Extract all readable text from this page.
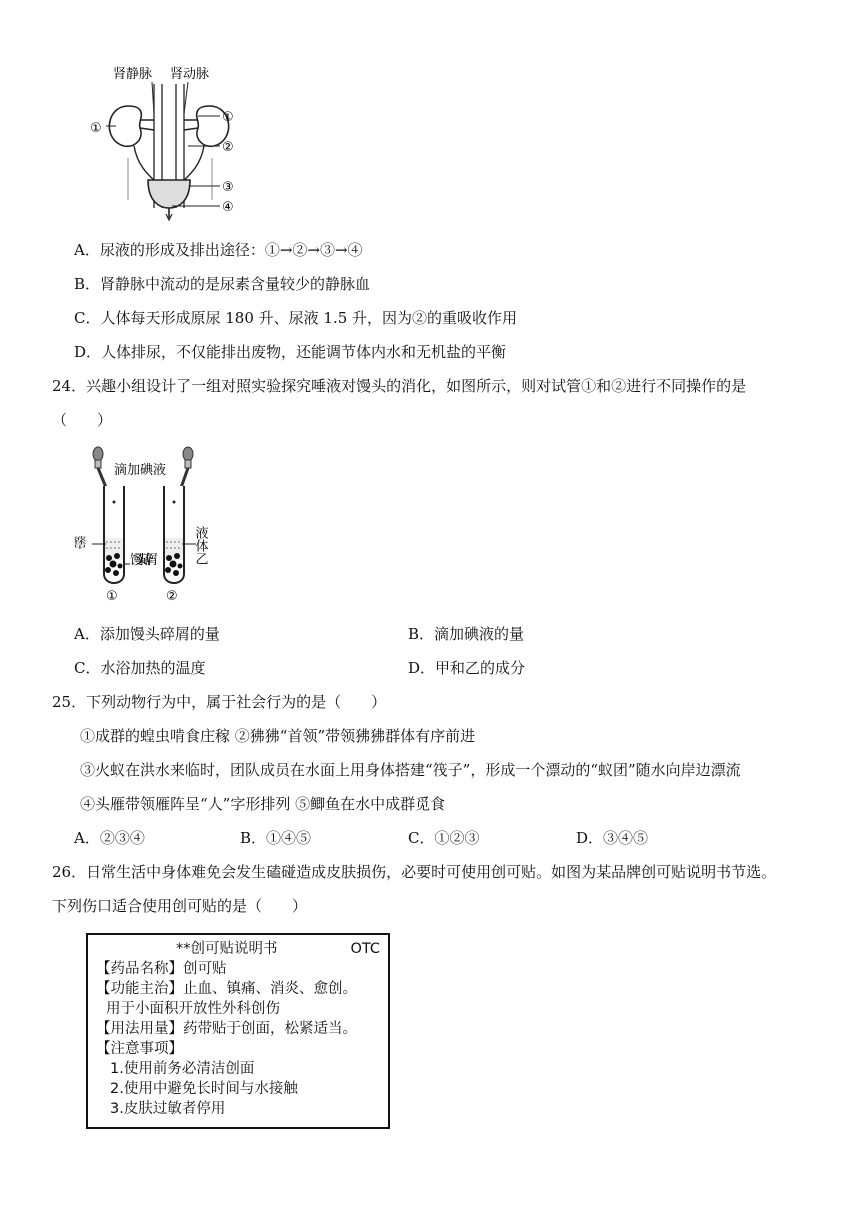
肾静脉 肾动脉
①
①
②
③
④
A．尿液的形成及排出途径：①→②→③→④
B．肾静脉中流动的是尿素含量较少的静脉血
C．人体每天形成原尿 180 升、尿液 1.5 升，因为②的重吸收作用
D．人体排尿，不仅能排出废物，还能调节体内水和无机盐的平衡
24．兴趣小组设计了一组对照实验探究唾液对馒头的消化，如图所示，则对试管①和②进行不同操作的是
（　　）
滴加碘液
液体甲	液体乙
馒头碎屑
①	②
A．添加馒头碎屑的量	B．滴加碘液的量
C．水浴加热的温度	D．甲和乙的成分
25．下列动物行为中，属于社会行为的是（　　）
①成群的蝗虫啃食庄稼 ②狒狒“首领”带领狒狒群体有序前进
③火蚁在洪水来临时，团队成员在水面上用身体搭建“筏子”，形成一个漂动的“蚁团”随水向岸边漂流
④头雁带领雁阵呈“人”字形排列 ⑤鲫鱼在水中成群觅食
A．②③④	B．①④⑤	C．①②③	D．③④⑤
26．日常生活中身体难免会发生磕碰造成皮肤损伤，必要时可使用创可贴。如图为某品牌创可贴说明书节选。
下列伤口适合使用创可贴的是（　　）
**创可贴说明书	OTC
【药品名称】创可贴
【功能主治】止血、镇痛、消炎、愈创。
用于小面积开放性外科创伤
【用法用量】药带贴于创面，松紧适当。
【注意事项】
1.使用前务必清洁创面
2.使用中避免长时间与水接触
3.皮肤过敏者停用
